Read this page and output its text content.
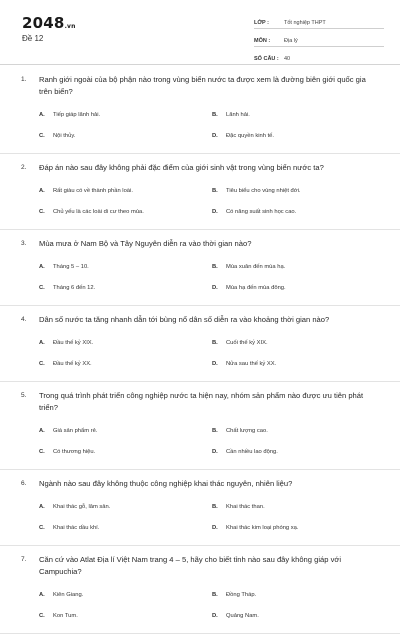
2048.vn
Đề 12
LỚP :	Tốt nghiệp THPT
MÔN :	Địa lý
SỐ CÂU : 40
1.	Ranh giới ngoài của bộ phận nào trong vùng biển nước ta được xem là đường biên giới quốc gia trên biển?
A.	Tiếp giáp lãnh hải.	B.	Lãnh hải.
C.	Nội thủy.	D.	Đặc quyền kinh tế.
2.	Đáp án nào sau đây không phải đặc điểm của giới sinh vật trong vùng biển nước ta?
A.	Rất giàu có về thành phần loài.	B.	Tiêu biểu cho vùng nhiệt đới.
C.	Chủ yếu là các loài di cư theo mùa.	D.	Có năng suất sinh học cao.
3.	Mùa mưa ở Nam Bộ và Tây Nguyên diễn ra vào thời gian nào?
A.	Tháng 5 – 10.	B.	Mùa xuân đến mùa hạ.
C.	Tháng 6 đến 12.	D.	Mùa hạ đến mùa đông.
4.	Dân số nước ta tăng nhanh dẫn tới bùng nổ dân số diễn ra vào khoảng thời gian nào?
A.	Đầu thế kỷ XIX.	B.	Cuối thế kỷ XIX.
C.	Đầu thế kỷ XX.	D.	Nửa sau thế kỷ XX.
5.	Trong quá trình phát triển công nghiệp nước ta hiện nay, nhóm sản phẩm nào được ưu tiên phát triển?
A.	Giá sản phẩm rẻ.	B.	Chất lượng cao.
C.	Có thương hiệu.	D.	Cần nhiều lao động.
6.	Ngành nào sau đây không thuộc công nghiệp khai thác nguyên, nhiên liệu?
A.	Khai thác gỗ, lâm sản.	B.	Khai thác than.
C.	Khai thác dầu khí.	D.	Khai thác kim loại phóng xạ.
7.	Căn cứ vào Atlat Địa lí Việt Nam trang 4 – 5, hãy cho biết tỉnh nào sau đây không giáp với Campuchia?
A.	Kiên Giang.	B.	Đồng Tháp.
C.	Kon Tum.	D.	Quảng Nam.
